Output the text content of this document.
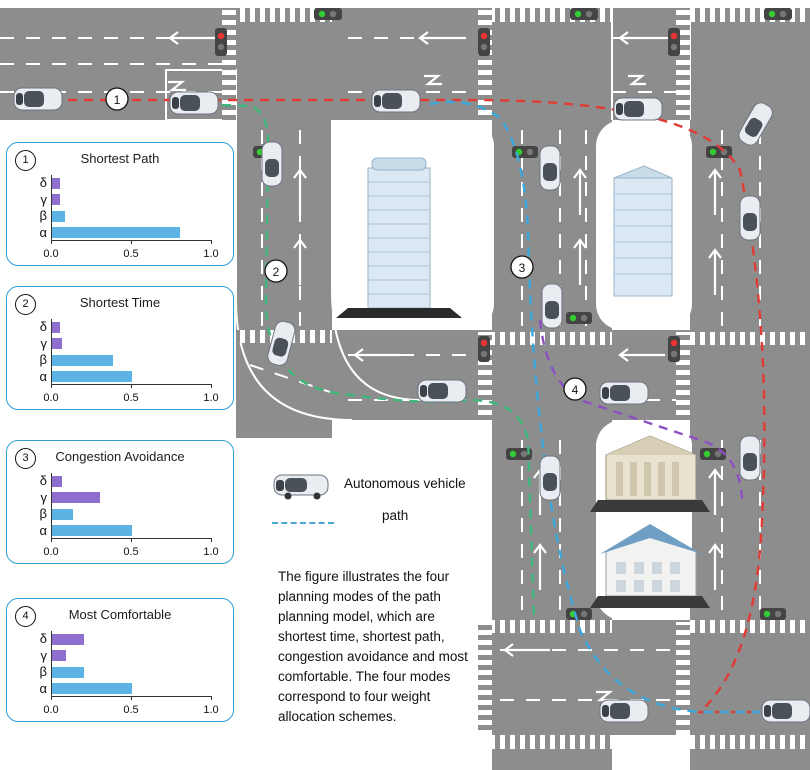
1
2	3
4
1	Shortest Path
α
β
γ
δ
0.0	0.5	1.0
2	Shortest Time
α
β
γ
δ
0.0	0.5	1.0
3	Congestion Avoidance
α
β
γ
δ
0.0	0.5	1.0
4	Most Comfortable
α
β
γ
δ
0.0	0.5	1.0
Autonomous vehicle
path
The figure illustrates the four planning modes of the path planning model, which are shortest time, shortest path, congestion avoidance and most comfortable. The four modes correspond to four weight allocation schemes.
